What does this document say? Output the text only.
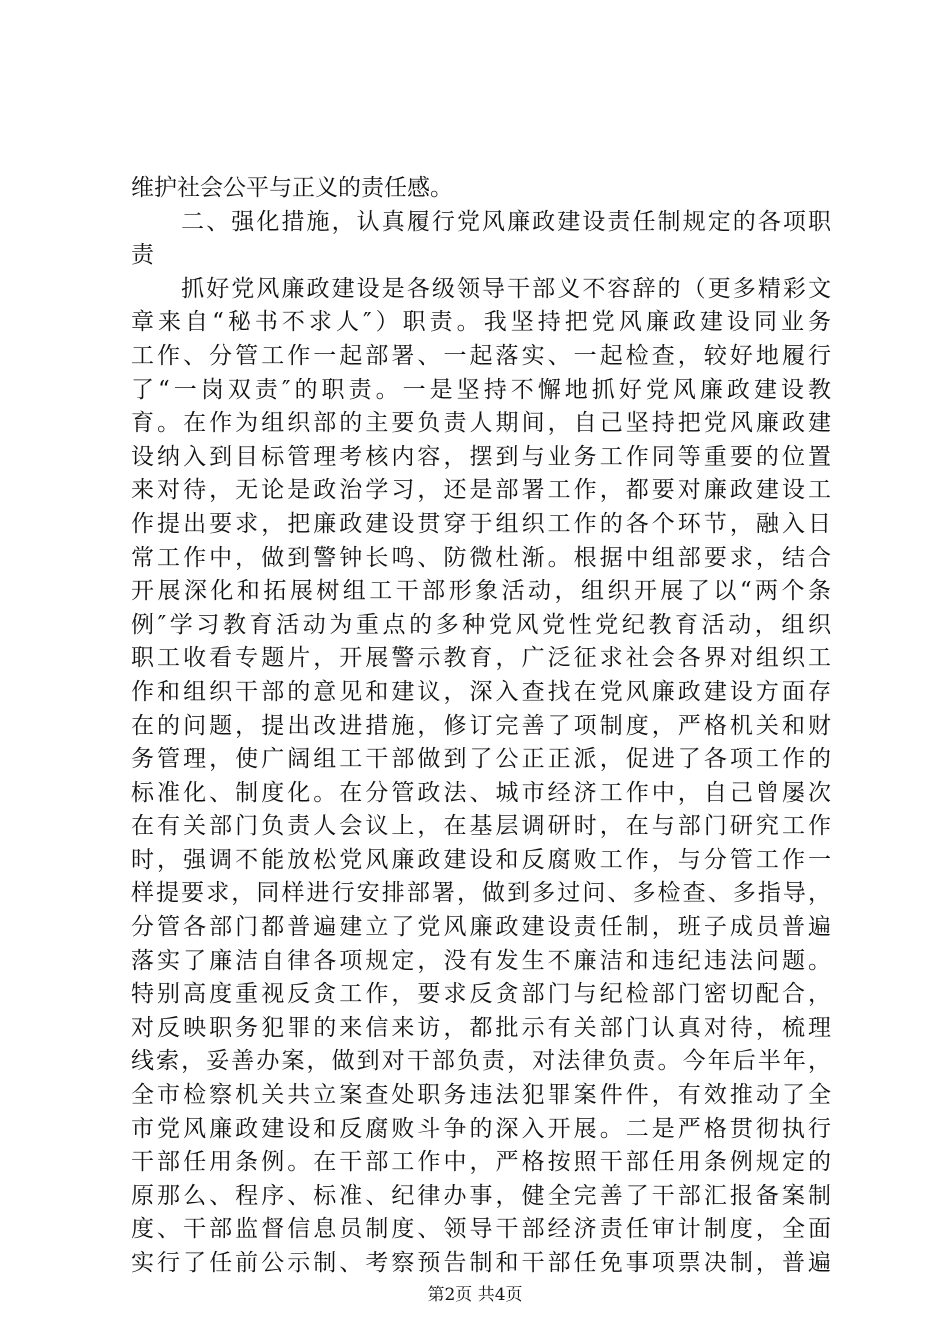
维护社会公平与正义的责任感。
　　二、强化措施，认真履行党风廉政建设责任制规定的各项职
责
　　抓好党风廉政建设是各级领导干部义不容辞的（更多精彩文
章来自“秘书不求人″）职责。我坚持把党风廉政建设同业务
工作、分管工作一起部署、一起落实、一起检查，较好地履行
了“一岗双责″的职责。一是坚持不懈地抓好党风廉政建设教
育。在作为组织部的主要负责人期间，自己坚持把党风廉政建
设纳入到目标管理考核内容，摆到与业务工作同等重要的位置
来对待，无论是政治学习，还是部署工作，都要对廉政建设工
作提出要求，把廉政建设贯穿于组织工作的各个环节，融入日
常工作中，做到警钟长鸣、防微杜渐。根据中组部要求，结合
开展深化和拓展树组工干部形象活动，组织开展了以“两个条
例″学习教育活动为重点的多种党风党性党纪教育活动，组织
职工收看专题片，开展警示教育，广泛征求社会各界对组织工
作和组织干部的意见和建议，深入查找在党风廉政建设方面存
在的问题，提出改进措施，修订完善了项制度，严格机关和财
务管理，使广阔组工干部做到了公正正派，促进了各项工作的
标准化、制度化。在分管政法、城市经济工作中，自己曾屡次
在有关部门负责人会议上，在基层调研时，在与部门研究工作
时，强调不能放松党风廉政建设和反腐败工作，与分管工作一
样提要求，同样进行安排部署，做到多过问、多检查、多指导，
分管各部门都普遍建立了党风廉政建设责任制，班子成员普遍
落实了廉洁自律各项规定，没有发生不廉洁和违纪违法问题。
特别高度重视反贪工作，要求反贪部门与纪检部门密切配合，
对反映职务犯罪的来信来访，都批示有关部门认真对待，梳理
线索，妥善办案，做到对干部负责，对法律负责。今年后半年，
全市检察机关共立案查处职务违法犯罪案件件，有效推动了全
市党风廉政建设和反腐败斗争的深入开展。二是严格贯彻执行
干部任用条例。在干部工作中，严格按照干部任用条例规定的
原那么、程序、标准、纪律办事，健全完善了干部汇报备案制
度、干部监督信息员制度、领导干部经济责任审计制度，全面
实行了任前公示制、考察预告制和干部任免事项票决制，普遍
第2页 共4页
